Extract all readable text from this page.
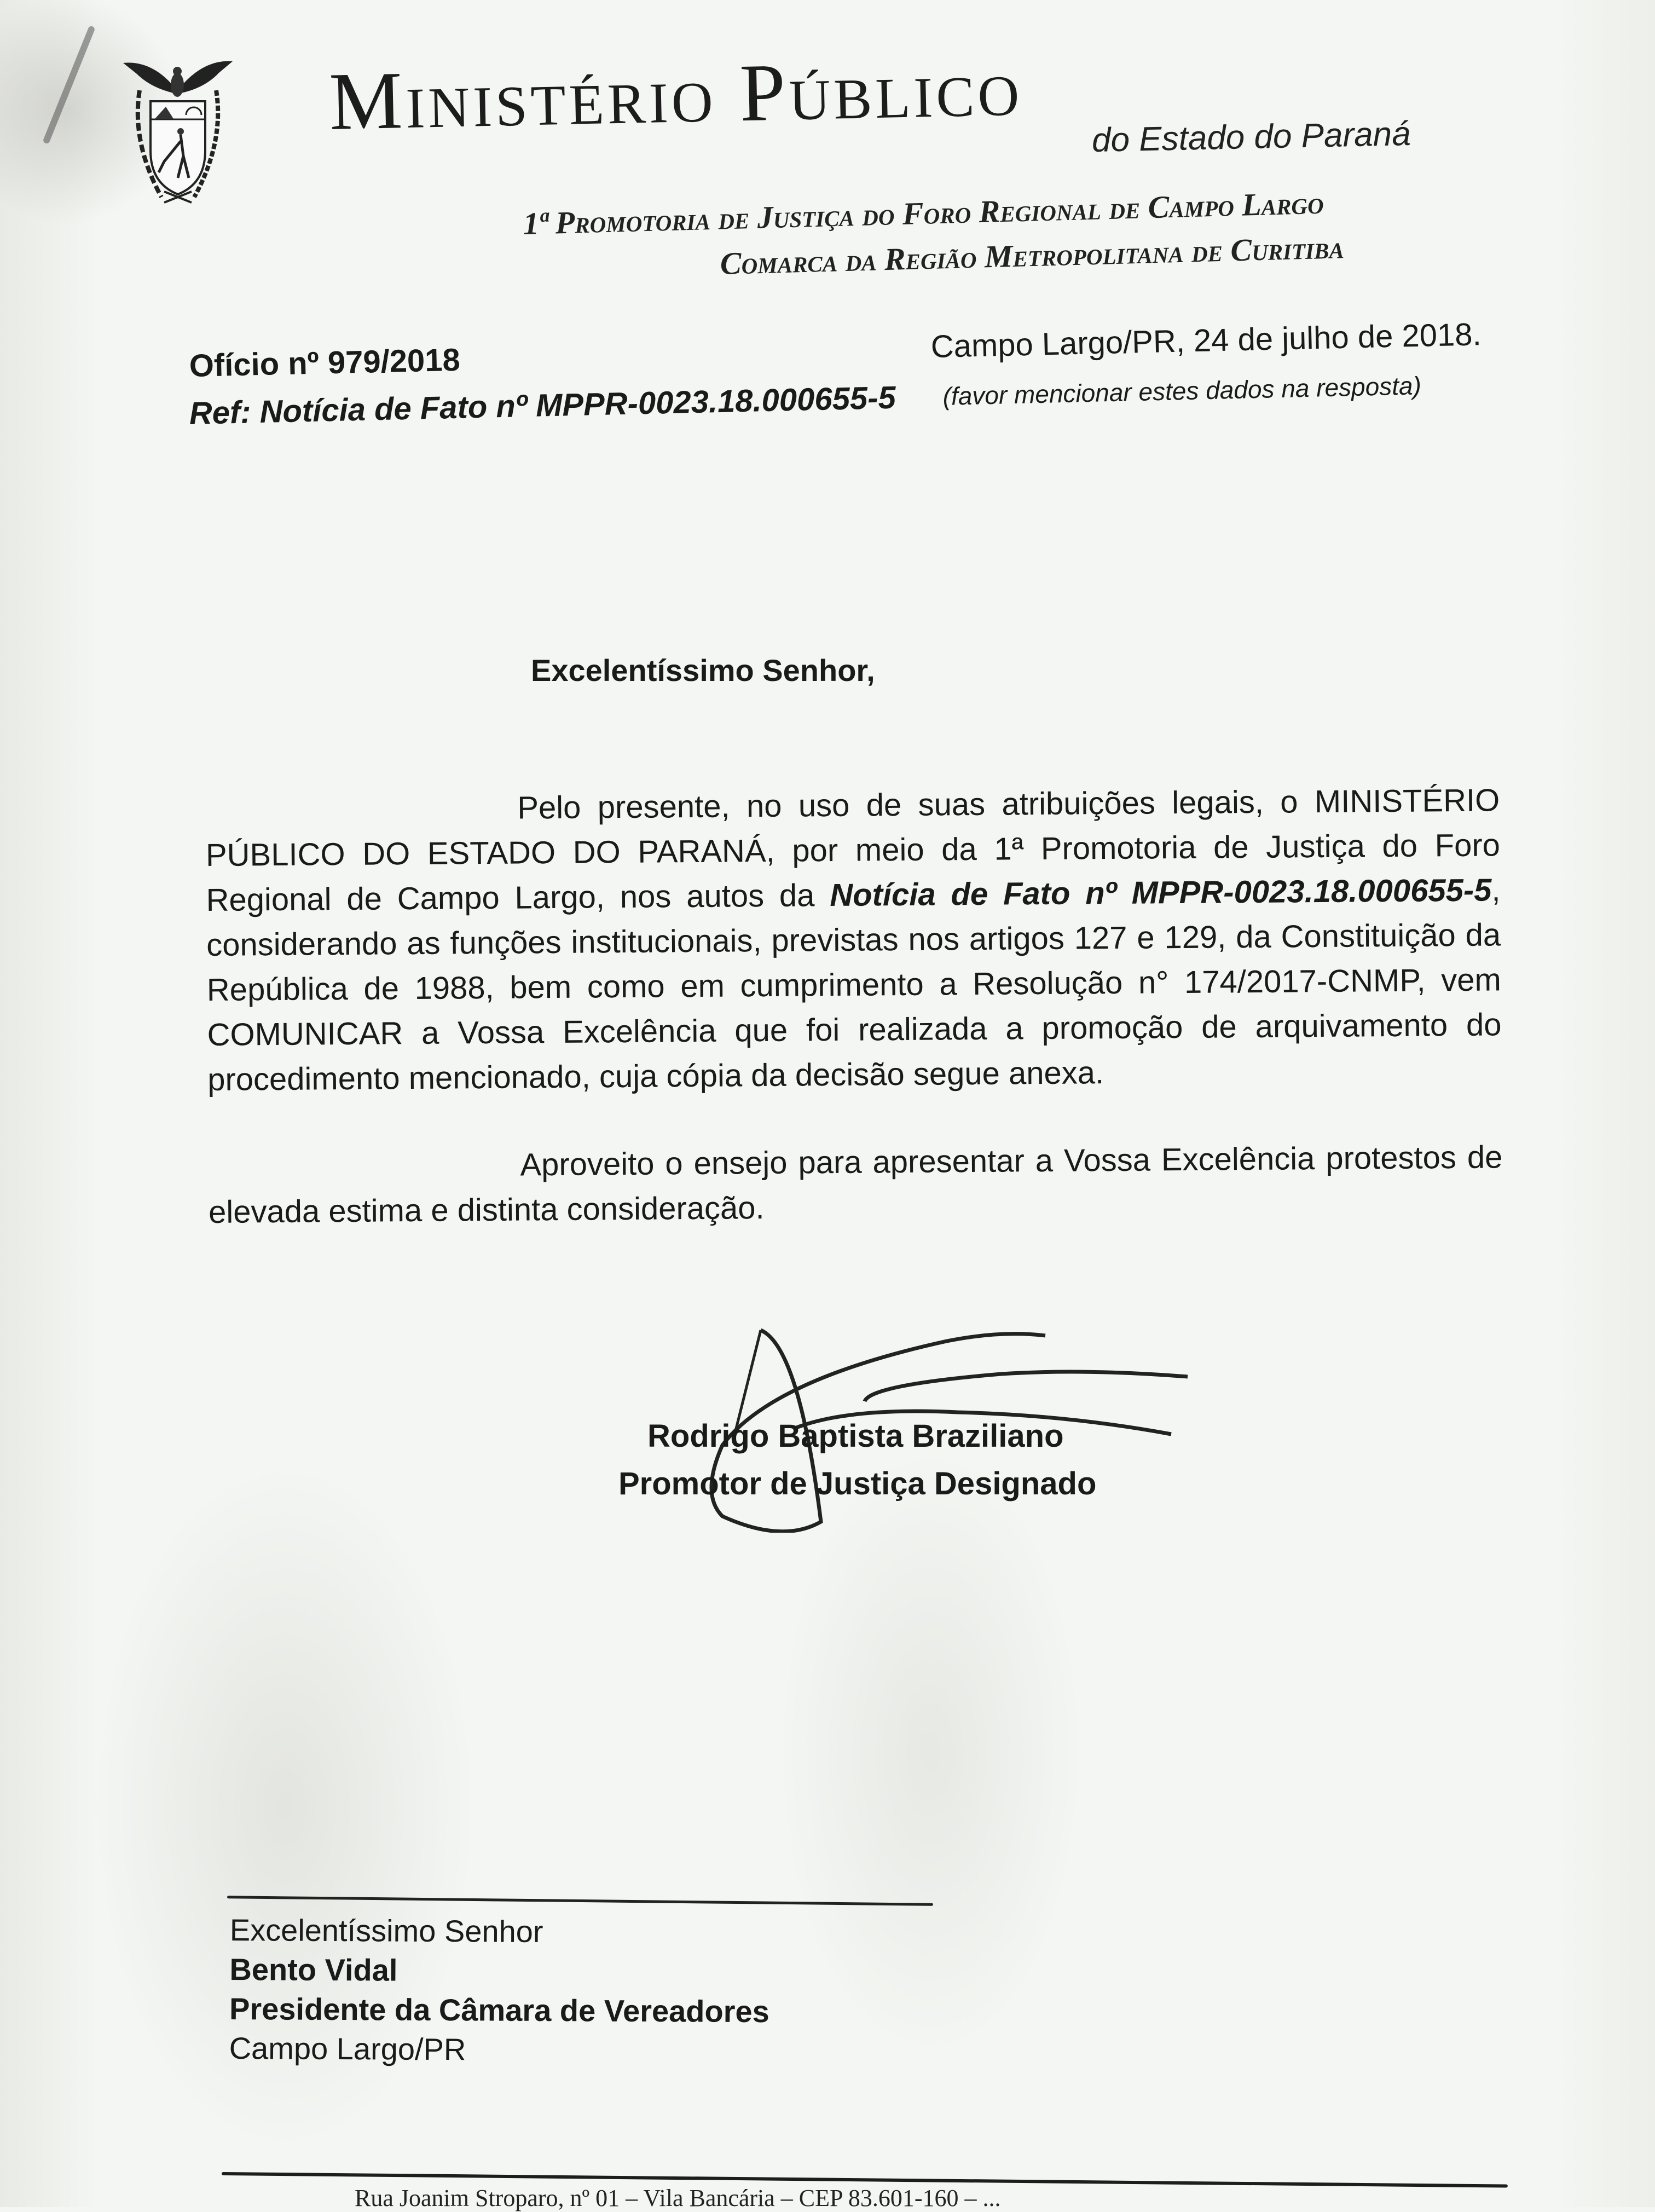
Ministério Público do Estado do Paraná
1ª Promotoria de Justiça do Foro Regional de Campo Largo
Comarca da Região Metropolitana de Curitiba
Ofício nº 979/2018
Ref: Notícia de Fato nº MPPR-0023.18.000655-5
Campo Largo/PR, 24 de julho de 2018.
(favor mencionar estes dados na resposta)
Excelentíssimo Senhor,

Pelo presente, no uso de suas atribuições legais, o MINISTÉRIO PÚBLICO DO ESTADO DO PARANÁ, por meio da 1ª Promotoria de Justiça do Foro Regional de Campo Largo, nos autos da Notícia de Fato nº MPPR-0023.18.000655-5, considerando as funções institucionais, previstas nos artigos 127 e 129, da Constituição da República de 1988, bem como em cumprimento a Resolução n° 174/2017-CNMP, vem COMUNICAR a Vossa Excelência que foi realizada a promoção de arquivamento do procedimento mencionado, cuja cópia da decisão segue anexa.

Aproveito o ensejo para apresentar a Vossa Excelência protestos de elevada estima e distinta consideração.

Rodrigo Baptista Braziliano
Promotor de Justiça Designado
Excelentíssimo Senhor
Bento Vidal
Presidente da Câmara de Vereadores
Campo Largo/PR
Rua Joanim Stroparo, nº 01 – Vila Bancária – CEP 83.601-160 – ...
